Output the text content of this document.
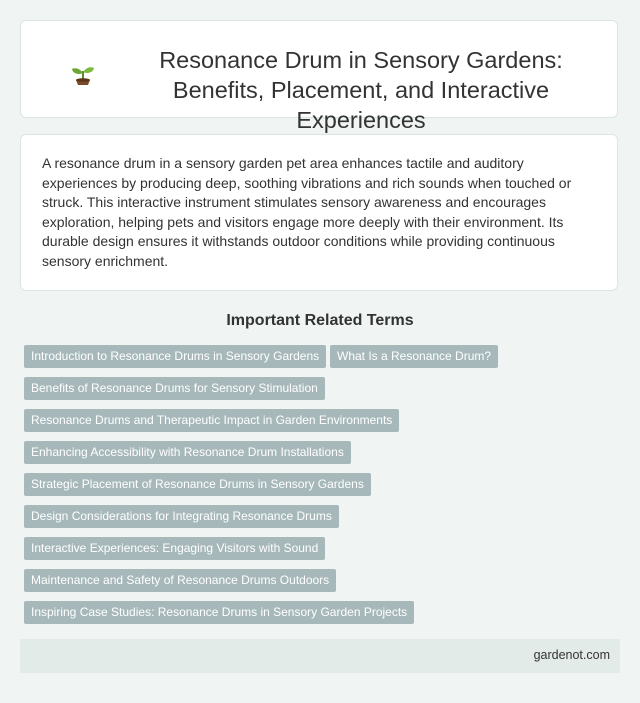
Resonance Drum in Sensory Gardens: Benefits, Placement, and Interactive Experiences

A resonance drum in a sensory garden pet area enhances tactile and auditory experiences by producing deep, soothing vibrations and rich sounds when touched or struck. This interactive instrument stimulates sensory awareness and encourages exploration, helping pets and visitors engage more deeply with their environment. Its durable design ensures it withstands outdoor conditions while providing continuous sensory enrichment.

Important Related Terms
Introduction to Resonance Drums in Sensory Gardens	What Is a Resonance Drum?
Benefits of Resonance Drums for Sensory Stimulation
Resonance Drums and Therapeutic Impact in Garden Environments
Enhancing Accessibility with Resonance Drum Installations
Strategic Placement of Resonance Drums in Sensory Gardens
Design Considerations for Integrating Resonance Drums
Interactive Experiences: Engaging Visitors with Sound
Maintenance and Safety of Resonance Drums Outdoors
Inspiring Case Studies: Resonance Drums in Sensory Garden Projects
gardenot.com
